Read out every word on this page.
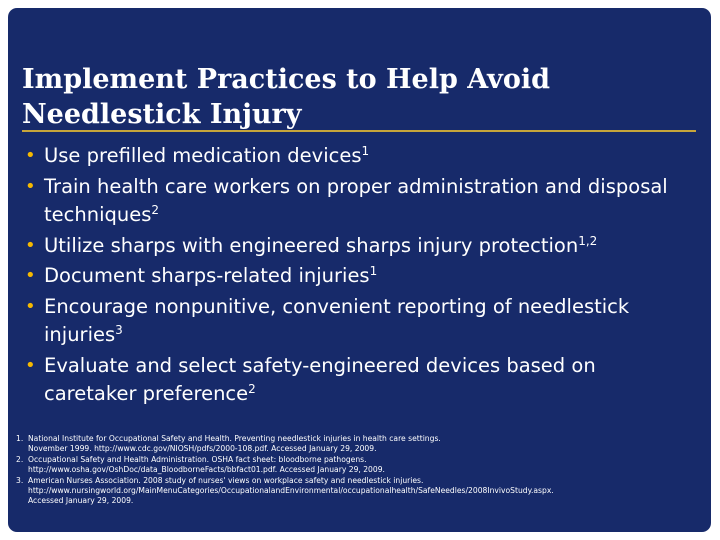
Implement Practices to Help Avoid
Needlestick Injury
• Use prefilled medication devices$^1$
• Train health care workers on proper administration and disposal techniques$^2$
• Utilize sharps with engineered sharps injury protection$^{1,2}$
• Document sharps-related injuries$^1$
• Encourage nonpunitive, convenient reporting of needlestick injuries$^3$
• Evaluate and select safety-engineered devices based on caretaker preference$^2$
1. National Institute for Occupational Safety and Health. Preventing needlestick injuries in health care settings.
November 1999. http://www.cdc.gov/NIOSH/pdfs/2000-108.pdf. Accessed January 29, 2009.
2. Occupational Safety and Health Administration. OSHA fact sheet: bloodborne pathogens.
http://www.osha.gov/OshDoc/data_BloodborneFacts/bbfact01.pdf. Accessed January 29, 2009.
3. American Nurses Association. 2008 study of nurses' views on workplace safety and needlestick injuries.
http://www.nursingworld.org/MainMenuCategories/OccupationalandEnvironmental/occupationalhealth/SafeNeedles/2008InvivoStudy.aspx.
Accessed January 29, 2009.
